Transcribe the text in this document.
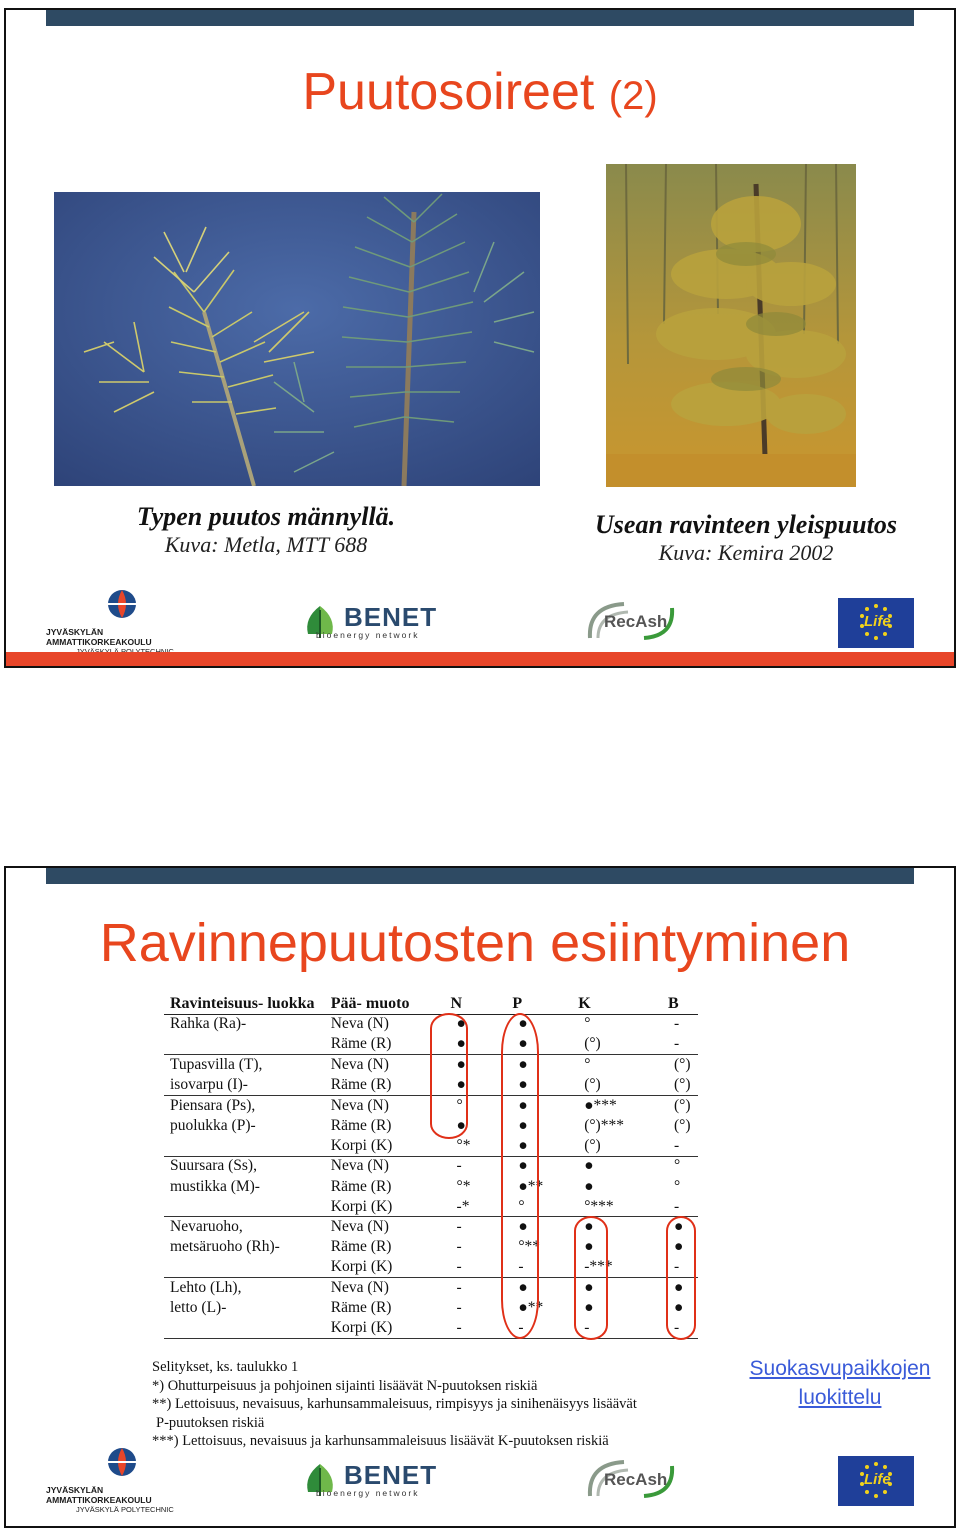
Puutosoireet (2)
Typen puutos männyllä.
Kuva: Metla, MTT 688
Usean ravinteen yleispuutos
Kuva: Kemira 2002
JYVÄSKYLÄN AMMATTIKORKEAKOULU
BENET
bioenergy network
RecAsh	Life
Ravinnepuutosten esiintyminen
Ravinteisuus- luokka	Pää- muoto	N	P	K	B
Rahka (Ra)-	Neva (N)	●	●	°	-
	Räme (R)	●	●	(°)	-
Tupasvilla (T),	Neva (N)	●	●	°	(°)
isovarpu (I)-	Räme (R)	●	●	(°)	(°)
Piensara (Ps),	Neva (N)	°	●	●***	(°)
puolukka (P)-	Räme (R)	●	●	(°)***	(°)
	Korpi (K)	°*	●	(°)	-
Suursara (Ss),	Neva (N)	-	●	●	°
mustikka (M)-	Räme (R)	°*	●**	●	°
	Korpi (K)	-*	°	°***	-
Nevaruoho,	Neva (N)	-	●	●	●
metsäruoho (Rh)-	Räme (R)	-	°**	●	●
	Korpi (K)	-	-	-***	-
Lehto (Lh),	Neva (N)	-	●	●	●
letto (L)-	Räme (R)	-	●**	●	●
	Korpi (K)	-	-	-	-
Selitykset, ks. taulukko 1
*) Ohutturpeisuus ja pohjoinen sijainti lisäävät N-puutoksen riskiä
**) Lettoisuus, nevaisuus, karhunsammaleisuus, rimpisyys ja sinihenäisyys lisäävät
P-puutoksen riskiä
***) Lettoisuus, nevaisuus ja karhunsammaleisuus lisäävät K-puutoksen riskiä
Suokasvupaikkojen luokittelu
JYVÄSKYLÄN AMMATTIKORKEAKOULU
JYVÄSKYLÄ POLYTECHNIC
BENET
bioenergy network
RecAsh	Life
